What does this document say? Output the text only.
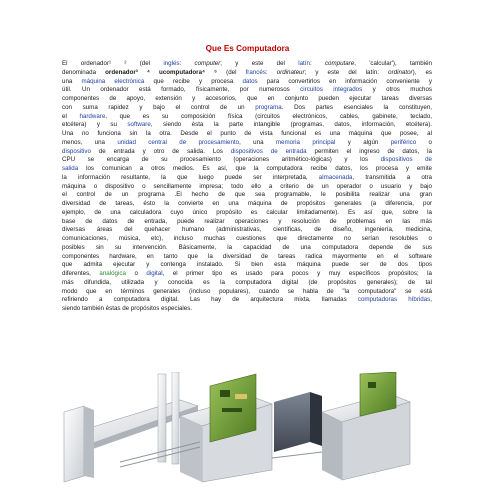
Que Es Computadora
El ordenador¹ ² (del inglés: computer; y este del latín: computare, 'calcular'), también
denominada ordenador³ ⁴ ucomputadora⁴ ⁵ (del francés: ordinateur; y este del latín: ordinator), es
una máquina electrónica que recibe y procesa datos para convertirlos en información conveniente y
útil. Un ordenador está formado, físicamente, por numerosos circuitos integrados y otros muchos
componentes de apoyo, extensión y accesorios, que en conjunto pueden ejecutar tareas diversas
con suma rapidez y bajo el control de un programa. Dos partes esenciales la constituyen,
el hardware, que es su composición física (circuitos electrónicos, cables, gabinete, teclado,
etcétera) y su software, siendo ésta la parte intangible (programas, datos, información, etcétera).
Una no funciona sin la otra. Desde el punto de vista funcional es una máquina que posee, al
menos, una unidad central de procesamiento, una memoria principal y algún periférico o
dispositivo de entrada y otro de salida. Los dispositivos de entrada permiten el ingreso de datos, la
CPU se encarga de su procesamiento (operaciones aritmético-lógicas) y los dispositivos de
salida los comunican a otros medios. Es así, que la computadora recibe datos, los procesa y emite
la información resultante, la que luego puede ser interpretada, almacenada, transmitida a otra
máquina o dispositivo o sencillamente impresa; todo ello a criterio de un operador o usuario y bajo
el control de un programa .El hecho de que sea programable, le posibilita realizar una gran
diversidad de tareas, ésto la convierte en una máquina de propósitos generales (a diferencia, por
ejemplo, de una calculadora cuyo único propósito es calcular limitadamente). Es así que, sobre la
base de datos de entrada, puede realizar operaciones y resolución de problemas en las más
diversas áreas del quehacer humano (administrativas, científicas, de diseño, ingeniería, medicina,
comunicaciones, música, etc), incluso muchas cuestiones que directamente no serían resolubles o
posibles sin su intervención. Básicamente, la capacidad de una computadora depende de sus
componentes hardware, en tanto que la diversidad de tareas radica mayormente en el software
que admita ejecutar y contenga instalado. Si bien esta máquina puede ser de dos tipos
diferentes, analógica o digital, el primer tipo es usado para pocos y muy específicos propósitos; la
más difundida, utilizada y conocida es la computadora digital (de propósitos generales); de tal
modo que en términos generales (incluso populares), cuando se habla de "la computadora" se está
refiriendo a computadora digital. Las hay de arquitectura mixta, llamadas computadoras híbridas,
siendo también éstas de propósitos especiales.
